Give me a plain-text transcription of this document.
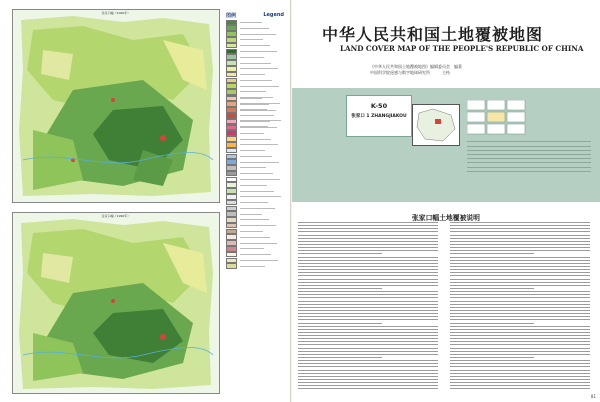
张家口幅（2000年）
张家口幅（1990年）
图例	Legend
中华人民共和国土地覆被地图
LAND COVER MAP OF THE PEOPLE'S REPUBLIC OF CHINA
《中华人民共和国土地覆被地图》编辑委员会　编著
中国科学院遥感与数字地球研究所　　　主持
K-50
张家口 1 ZHANGJIAKOU
张家口幅土地覆被说明
81
